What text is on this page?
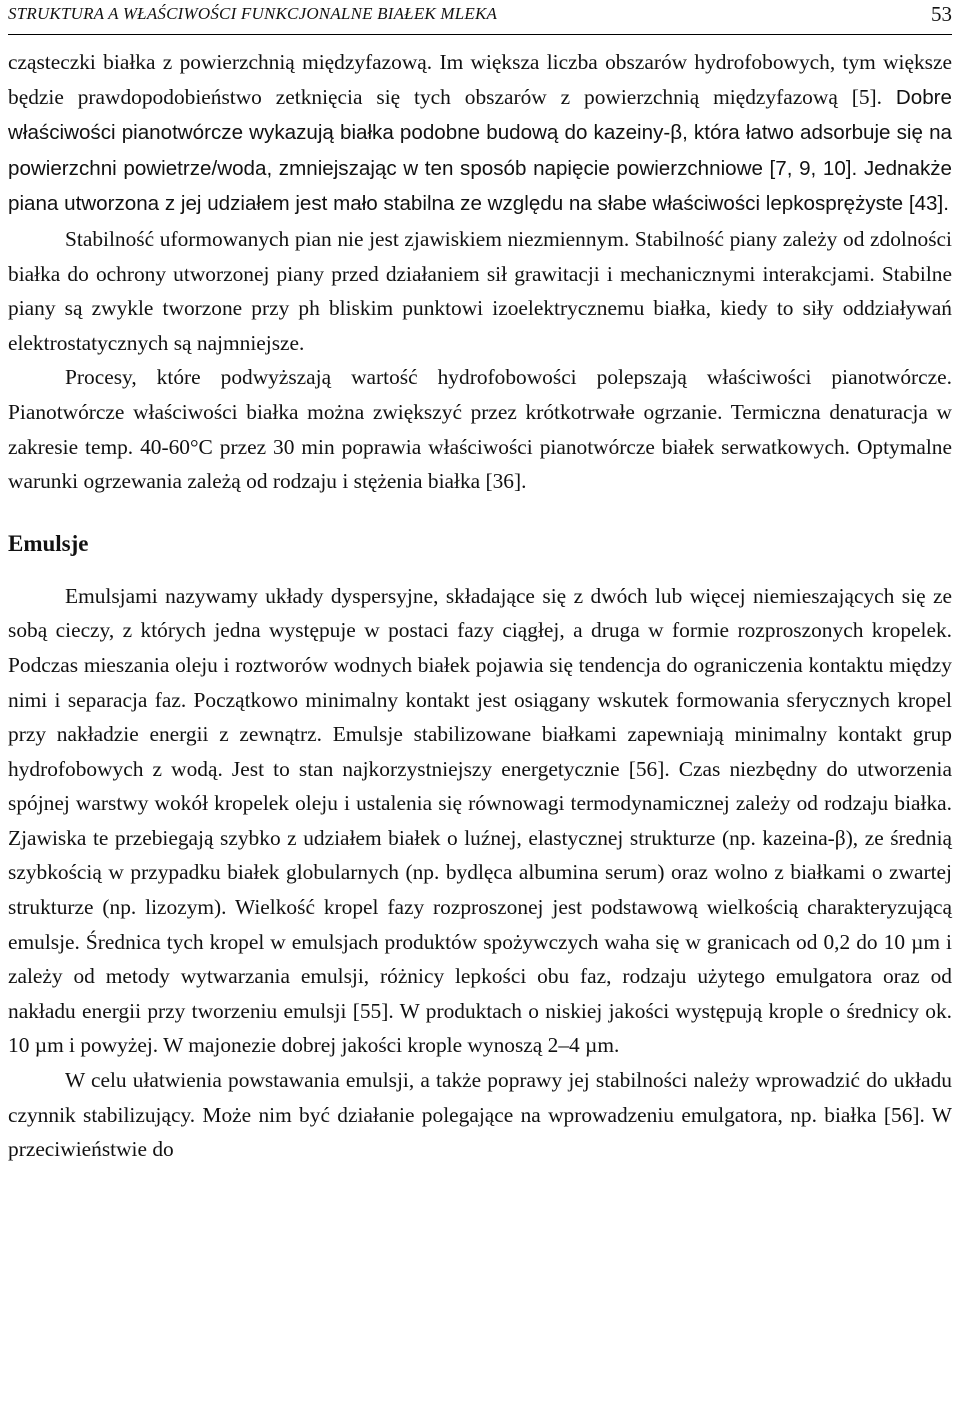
STRUKTURA A WŁAŚCIWOŚCI FUNKCJONALNE BIAŁEK MLEKA	53

cząsteczki białka z powierzchnią międzyfazową. Im większa liczba obszarów hydrofobowych, tym większe będzie prawdopodobieństwo zetknięcia się tych obszarów z powierzchnią międzyfazową [5]. Dobre właściwości pianotwórcze wykazują białka podobne budową do kazeiny-β, która łatwo adsorbuje się na powierzchni powietrze/woda, zmniejszając w ten sposób napięcie powierzchniowe [7, 9, 10]. Jednakże piana utworzona z jej udziałem jest mało stabilna ze względu na słabe właściwości lepkosprężyste [43].

Stabilność uformowanych pian nie jest zjawiskiem niezmiennym. Stabilność piany zależy od zdolności białka do ochrony utworzonej piany przed działaniem sił grawitacji i mechanicznymi interakcjami. Stabilne piany są zwykle tworzone przy ph bliskim punktowi izoelektrycznemu białka, kiedy to siły oddziaływań elektrostatycznych są najmniejsze.

Procesy, które podwyższają wartość hydrofobowości polepszają właściwości pianotwórcze. Pianotwórcze właściwości białka można zwiększyć przez krótkotrwałe ogrzanie. Termiczna denaturacja w zakresie temp. 40-60°C przez 30 min poprawia właściwości pianotwórcze białek serwatkowych. Optymalne warunki ogrzewania zależą od rodzaju i stężenia białka [36].

Emulsje

Emulsjami nazywamy układy dyspersyjne, składające się z dwóch lub więcej niemieszających się ze sobą cieczy, z których jedna występuje w postaci fazy ciągłej, a druga w formie rozproszonych kropelek. Podczas mieszania oleju i roztworów wodnych białek pojawia się tendencja do ograniczenia kontaktu między nimi i separacja faz. Początkowo minimalny kontakt jest osiągany wskutek formowania sferycznych kropel przy nakładzie energii z zewnątrz. Emulsje stabilizowane białkami zapewniają minimalny kontakt grup hydrofobowych z wodą. Jest to stan najkorzystniejszy energetycznie [56]. Czas niezbędny do utworzenia spójnej warstwy wokół kropelek oleju i ustalenia się równowagi termodynamicznej zależy od rodzaju białka. Zjawiska te przebiegają szybko z udziałem białek o luźnej, elastycznej strukturze (np. kazeina-β), ze średnią szybkością w przypadku białek globularnych (np. bydlęca albumina serum) oraz wolno z białkami o zwartej strukturze (np. lizozym). Wielkość kropel fazy rozproszonej jest podstawową wielkością charakteryzującą emulsje. Średnica tych kropel w emulsjach produktów spożywczych waha się w granicach od 0,2 do 10 µm i zależy od metody wytwarzania emulsji, różnicy lepkości obu faz, rodzaju użytego emulgatora oraz od nakładu energii przy tworzeniu emulsji [55]. W produktach o niskiej jakości występują krople o średnicy ok. 10 µm i powyżej. W majonezie dobrej jakości krople wynoszą 2–4 µm.

W celu ułatwienia powstawania emulsji, a także poprawy jej stabilności należy wprowadzić do układu czynnik stabilizujący. Może nim być działanie polegające na wprowadzeniu emulgatora, np. białka [56]. W przeciwieństwie do
